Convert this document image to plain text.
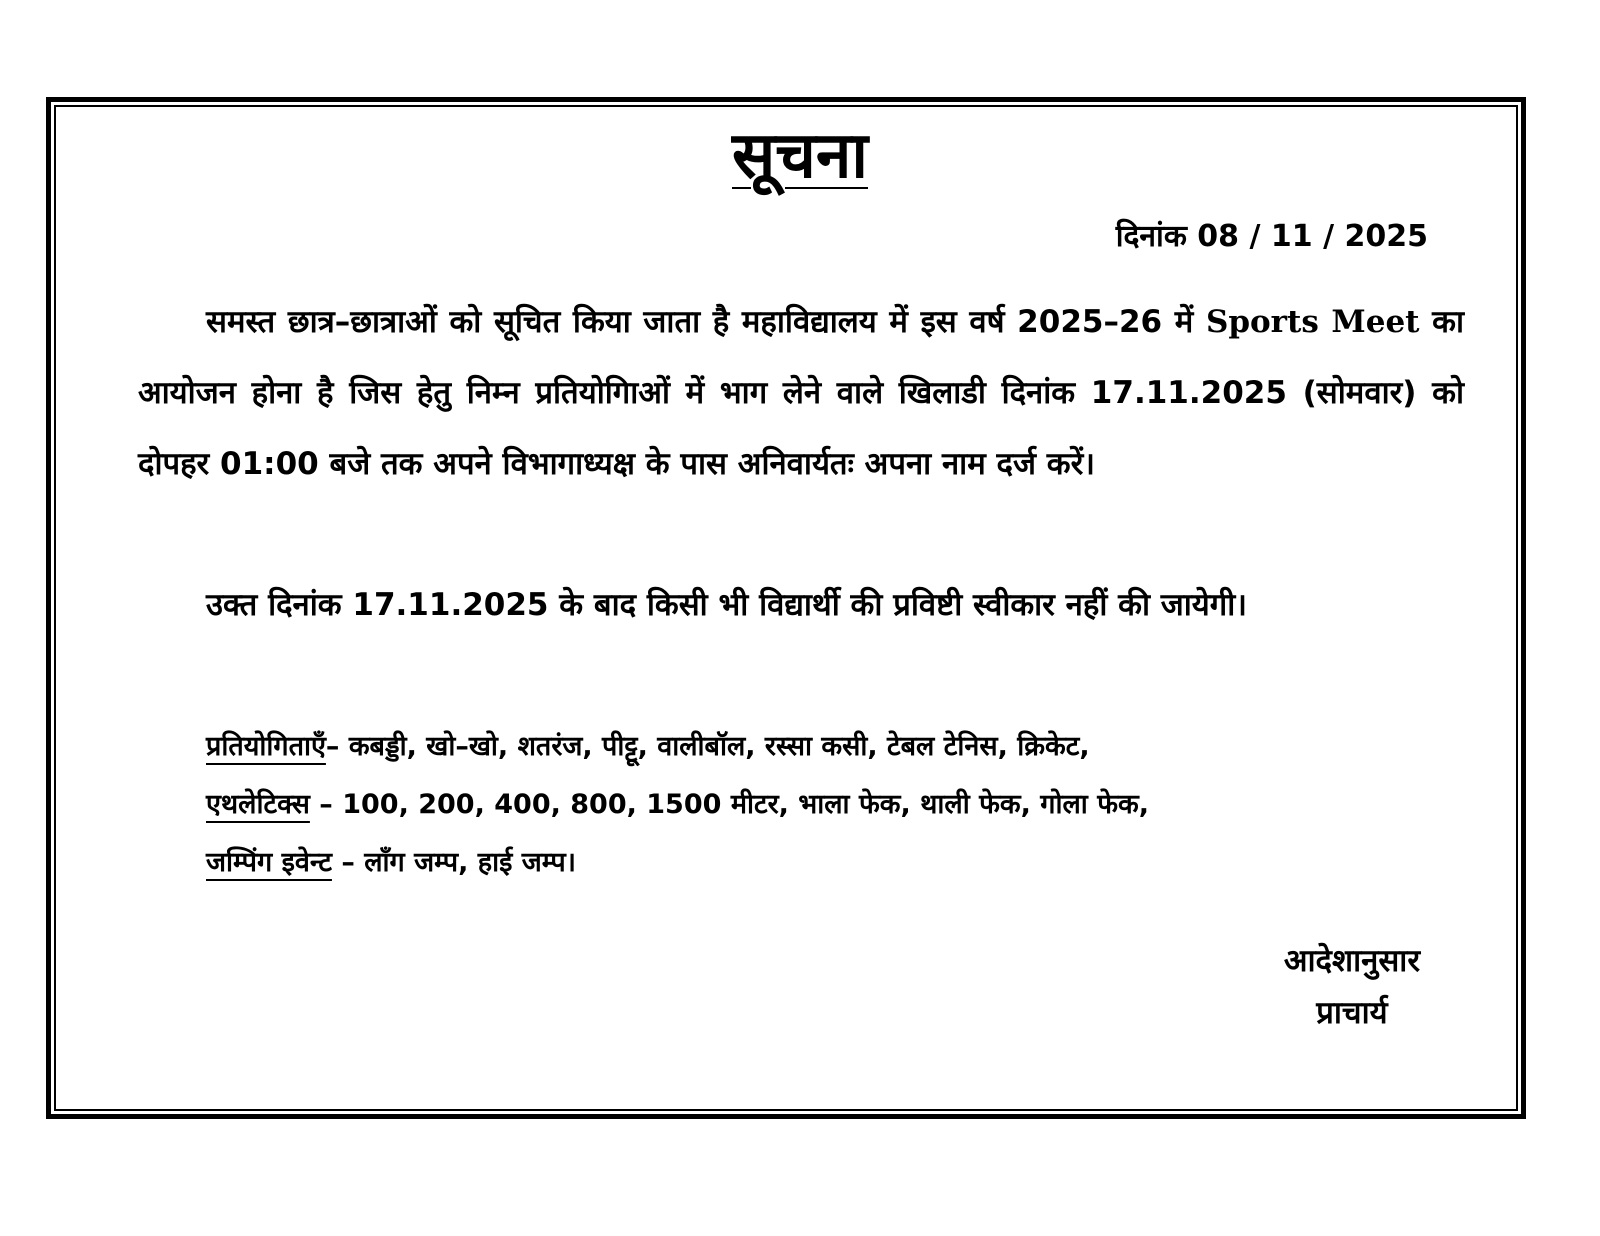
सूचना
दिनांक 08 / 11 / 2025

समस्त छात्र–छात्राओं को सूचित किया जाता है महाविद्यालय में इस वर्ष 2025–26 में Sports Meet का आयोजन होना है जिस हेतु निम्न प्रतियोगिाओं में भाग लेने वाले खिलाडी दिनांक 17.11.2025 (सोमवार) को दोपहर 01:00 बजे तक अपने विभागाध्यक्ष के पास अनिवार्यतः अपना नाम दर्ज करें।

उक्त दिनांक 17.11.2025 के बाद किसी भी विद्यार्थी की प्रविष्टी स्वीकार नहीं की जायेगी।

प्रतियोगिताएँ– कबड्डी, खो–खो, शतरंज, पीट्टू, वालीबॉल, रस्सा कसी, टेबल टेनिस, क्रिकेट,
एथलेटिक्स – 100, 200, 400, 800, 1500 मीटर, भाला फेक, थाली फेक, गोला फेक,
जम्पिंग इवेन्ट – लाँग जम्प, हाई जम्प।
आदेशानुसार
प्राचार्य
